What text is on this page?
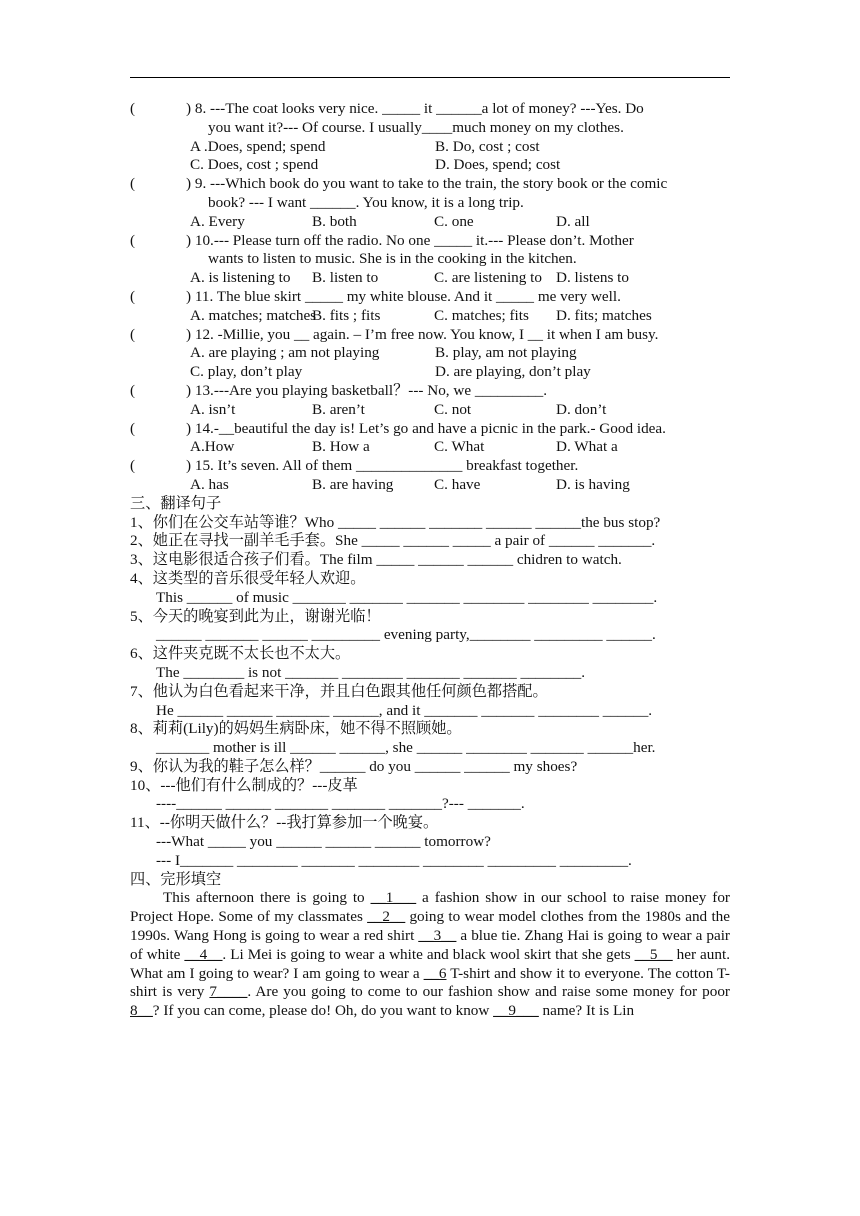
(	) 8. ---The coat looks very nice. _____ it ______a lot of money? ---Yes. Do
you want it?--- Of course. I usually____much money on my clothes.
A .Does, spend; spend	B. Do, cost ; cost
C. Does, cost ; spend	D. Does, spend; cost
(	) 9. ---Which book do you want to take to the train, the story book or the comic
book? --- I want ______. You know, it is a long trip.
A. Every	B. both	C. one	D. all
(	) 10.--- Please turn off the radio. No one _____ it.--- Please don’t. Mother
wants to listen to music. She is in the cooking in the kitchen.
A. is listening to	B. listen to	C. are listening to D. listens to
(	) 11. The blue skirt _____ my white blouse. And it _____ me very well.
A. matches; matches
B. fits ; fits	C. matches; fits	D. fits; matches
(	) 12. -Millie, you __ again. – I’m free now. You know, I __ it when I am busy.
A. are playing ; am not playing	B. play, am not playing
C. play, don’t play	D. are playing, don’t play
(	) 13.---Are you playing basketball？--- No, we _________.
A. isn’t	B. aren’t	C. not	D. don’t
(	) 14.-__beautiful the day is! Let’s go and have a picnic in the park.- Good idea.
A.How	B. How a	C. What	D. What a
(	) 15. It’s seven. All of them ______________ breakfast together.
A. has	B. are having	C. have	D. is having
三、翻译句子
1、你们在公交车站等谁？Who _____ ______ _______ ______ ______the bus stop?
2、她正在寻找一副羊毛手套。She _____ ______ _____ a pair of ______ _______.
3、这电影很适合孩子们看。The film _____ ______ ______ chidren to watch.
4、这类型的音乐很受年轻人欢迎。
This ______ of music _______ _______ _______ ________ ________ ________.
5、今天的晚宴到此为止，谢谢光临！
______ _______ ______ _________ evening party,________ _________ ______.
6、这件夹克既不太长也不太大。
The ________ is not _______ ________ _______ _______ ________.
7、他认为白色看起来干净，并且白色跟其他任何颜色都搭配。
He ______ ______ _______ ______, and it _______ _______ ________ ______.
8、莉莉(Lily)的妈妈生病卧床，她不得不照顾她。
_______ mother is ill ______ ______, she ______ ________ _______ ______her.
9、你认为我的鞋子怎么样？______ do you ______ ______ my shoes?
10、---他们有什么制成的？---皮革
----______ ______ _______ _______ _______?--- _______.
11、--你明天做什么？--我打算参加一个晚宴。
---What _____ you ______ ______ ______ tomorrow?
--- I_______ ________ _______ ________ ________ _________ _________.
四、完形填空
This afternoon there is going to __1___ a fashion show in our school to raise money for Project Hope. Some of my classmates __2__ going to wear model clothes from the 1980s and the 1990s. Wang Hong is going to wear a red shirt __3__ a blue tie. Zhang Hai is going to wear a pair of white __4__. Li Mei is going to wear a white and black wool skirt that she gets __5__ her aunt. What am I going to wear? I am going to wear a __6 T-shirt and show it to everyone. The cotton T-shirt is very 7____. Are you going to come to our fashion show and raise some money for poor 8__? If you can come, please do! Oh, do you want to know __9___ name? It is Lin
